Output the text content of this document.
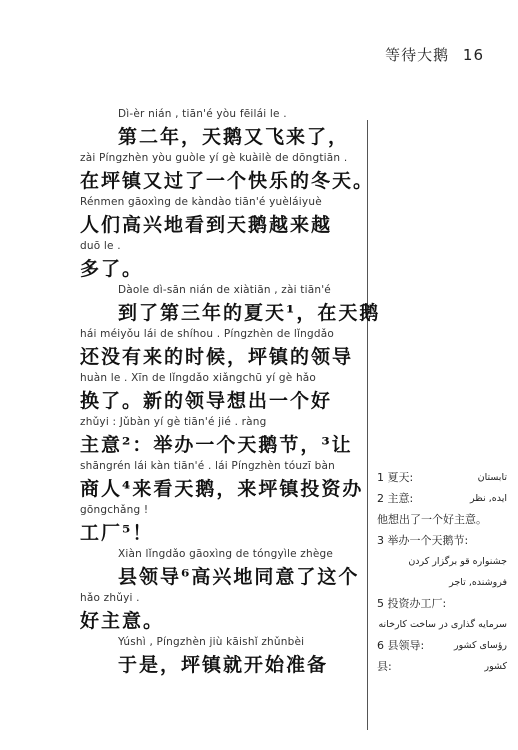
等待大鹅 16
Dì-èr nián , tiān'é yòu fēilái le .
第二年，天鹅又飞来了，
zài Píngzhèn yòu guòle yí gè kuàilè de dōngtiān .
在坪镇又过了一个快乐的冬天。
Rénmen gāoxìng de kàndào tiān'é yuèláiyuè
人们高兴地看到天鹅越来越
duō le .
多了。
Dàole dì-sān nián de xiàtiān , zài tiān'é
到了第三年的夏天¹，在天鹅
hái méiyǒu lái de shíhou . Píngzhèn de lǐngdǎo
还没有来的时候，坪镇的领导
huàn le . Xīn de lǐngdǎo xiǎngchū yí gè hǎo
换了。新的领导想出一个好
zhǔyi : Jǔbàn yí gè tiān'é jié . ràng
主意²：举办一个天鹅节，³让
shāngrén lái kàn tiān'é . lái Píngzhèn tóuzī bàn
商人⁴来看天鹅，来坪镇投资办
gōngchǎng !
工厂⁵！
Xiàn lǐngdǎo gāoxìng de tóngyìle zhège
县领导⁶高兴地同意了这个
hǎo zhǔyi .
好主意。
Yúshì , Píngzhèn jiù kāishǐ zhǔnbèi
于是，坪镇就开始准备
1 夏天:	تابستان
2 主意:	ایده, نظر
他想出了一个好主意。
3 举办一个天鹅节:
جشنواره قو برگزار کردن
فروشنده, تاجر
5 投资办工厂:
سرمایه گذاری در ساخت کارخانه
6 县领导:	رؤسای کشور
县:	کشور
